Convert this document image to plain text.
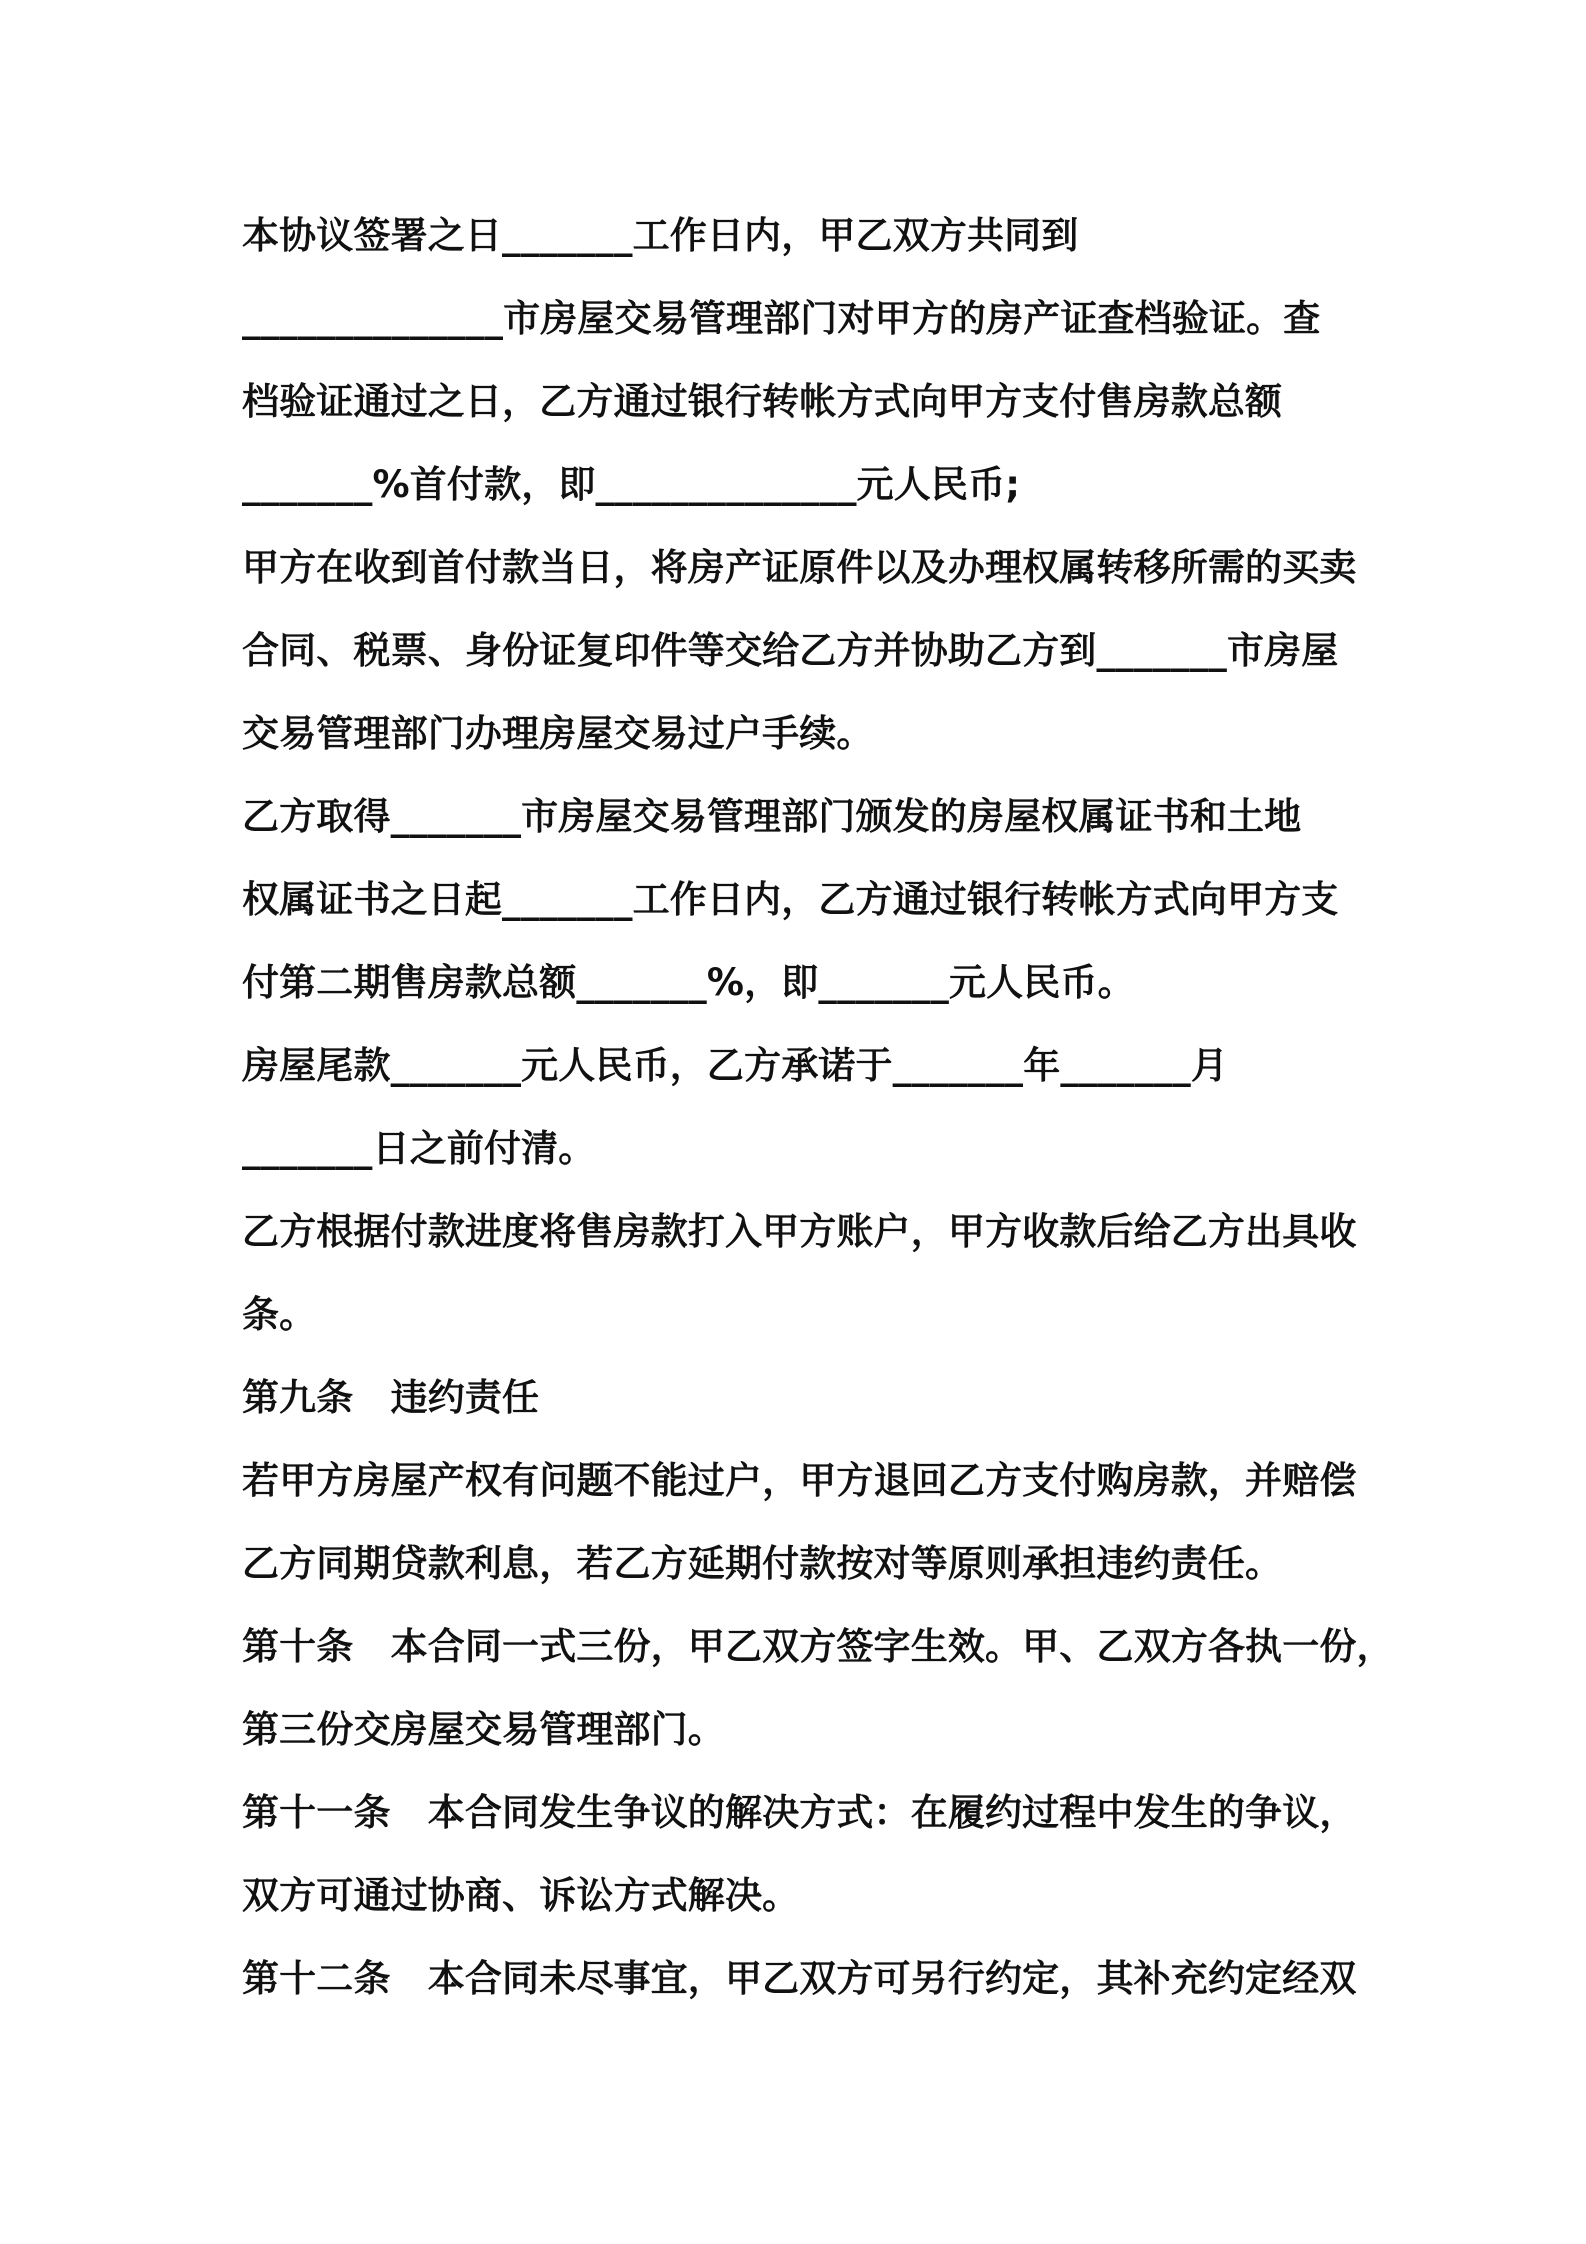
本协议签署之日_______工作日内，甲乙双方共同到
______________市房屋交易管理部门对甲方的房产证查档验证。查
档验证通过之日，乙方通过银行转帐方式向甲方支付售房款总额
_______%首付款，即______________元人民币;
甲方在收到首付款当日，将房产证原件以及办理权属转移所需的买卖
合同、税票、身份证复印件等交给乙方并协助乙方到_______市房屋
交易管理部门办理房屋交易过户手续。
乙方取得_______市房屋交易管理部门颁发的房屋权属证书和土地
权属证书之日起_______工作日内，乙方通过银行转帐方式向甲方支
付第二期售房款总额_______%，即_______元人民币。
房屋尾款_______元人民币，乙方承诺于_______年_______月
_______日之前付清。
乙方根据付款进度将售房款打入甲方账户，甲方收款后给乙方出具收
条。
第九条　违约责任
若甲方房屋产权有问题不能过户，甲方退回乙方支付购房款，并赔偿
乙方同期贷款利息，若乙方延期付款按对等原则承担违约责任。
第十条　本合同一式三份，甲乙双方签字生效。甲、乙双方各执一份，
第三份交房屋交易管理部门。
第十一条　本合同发生争议的解决方式：在履约过程中发生的争议，
双方可通过协商、诉讼方式解决。
第十二条　本合同未尽事宜，甲乙双方可另行约定，其补充约定经双
